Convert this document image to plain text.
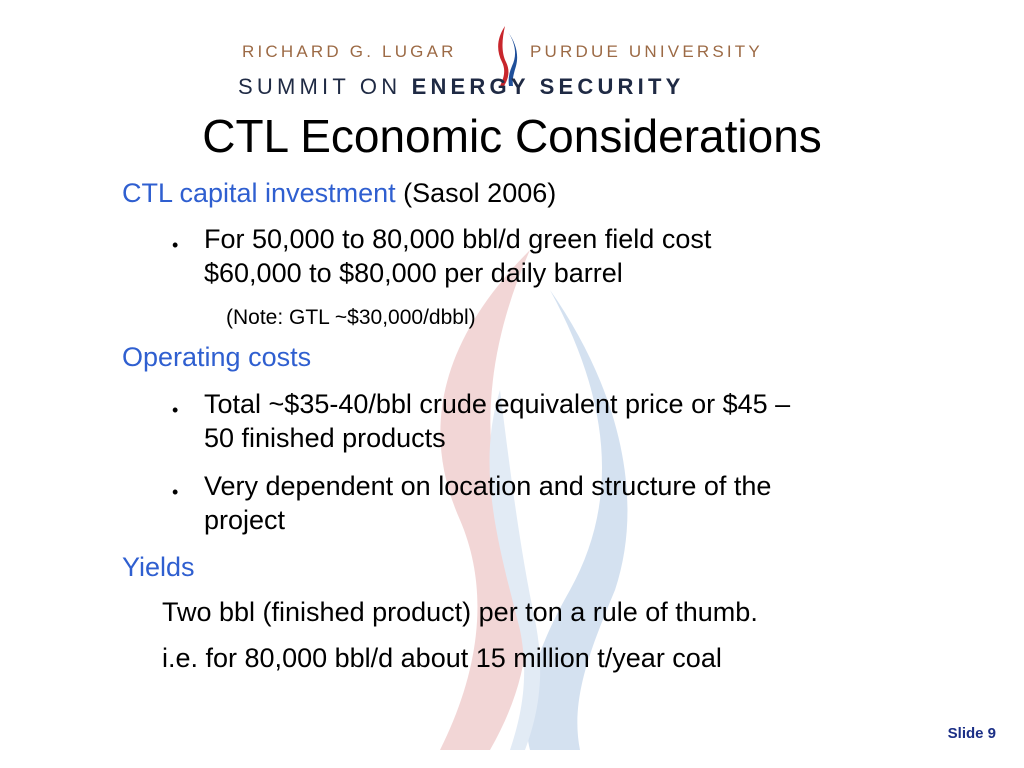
RICHARD G. LUGAR	PURDUE UNIVERSITY
SUMMIT ON ENERGY SECURITY
CTL Economic Considerations
CTL capital investment (Sasol 2006)
• For 50,000 to 80,000 bbl/d green field cost
$60,000 to $80,000 per daily barrel
(Note: GTL ~$30,000/dbbl)
Operating costs
• Total ~$35-40/bbl crude equivalent price or $45 –
50 finished products
• Very dependent on location and structure of the
project
Yields
Two bbl (finished product) per ton a rule of thumb.
i.e. for 80,000 bbl/d about 15 million t/year coal
Slide 9
